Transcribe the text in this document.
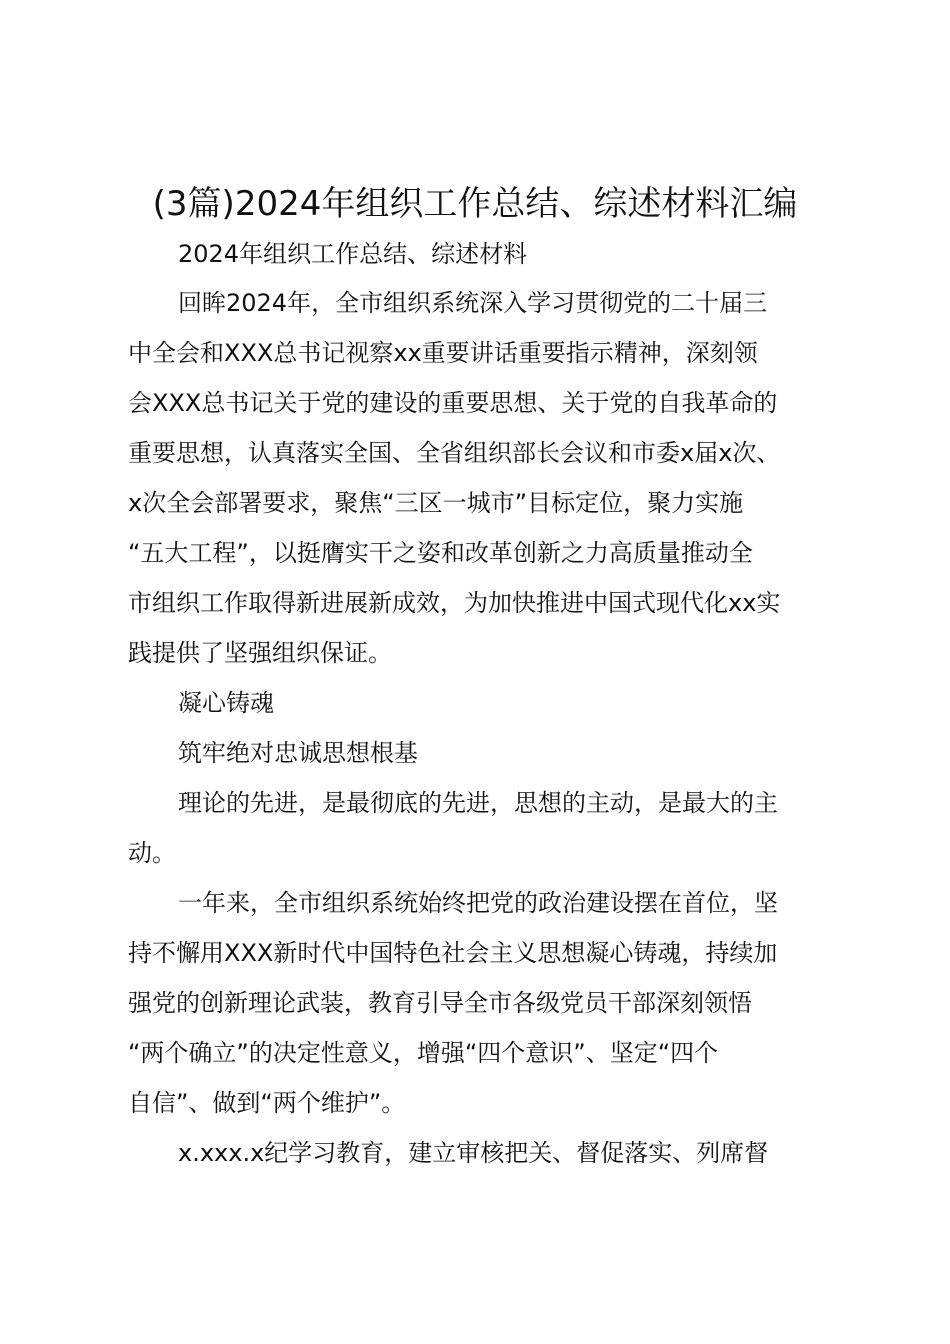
(3篇)2024年组织工作总结、综述材料汇编
2024年组织工作总结、综述材料
回眸2024年，全市组织系统深入学习贯彻党的二十届三
中全会和XXX总书记视察xx重要讲话重要指示精神，深刻领
会XXX总书记关于党的建设的重要思想、关于党的自我革命的
重要思想，认真落实全国、全省组织部长会议和市委x届x次、
x次全会部署要求，聚焦“三区一城市”目标定位，聚力实施
“五大工程”，以挺膺实干之姿和改革创新之力高质量推动全
市组织工作取得新进展新成效，为加快推进中国式现代化xx实
践提供了坚强组织保证。
凝心铸魂
筑牢绝对忠诚思想根基
理论的先进，是最彻底的先进，思想的主动，是最大的主
动。
一年来，全市组织系统始终把党的政治建设摆在首位，坚
持不懈用XXX新时代中国特色社会主义思想凝心铸魂，持续加
强党的创新理论武装，教育引导全市各级党员干部深刻领悟
“两个确立”的决定性意义，增强“四个意识”、坚定“四个
自信”、做到“两个维护”。
x.xxx.x纪学习教育，建立审核把关、督促落实、列席督
